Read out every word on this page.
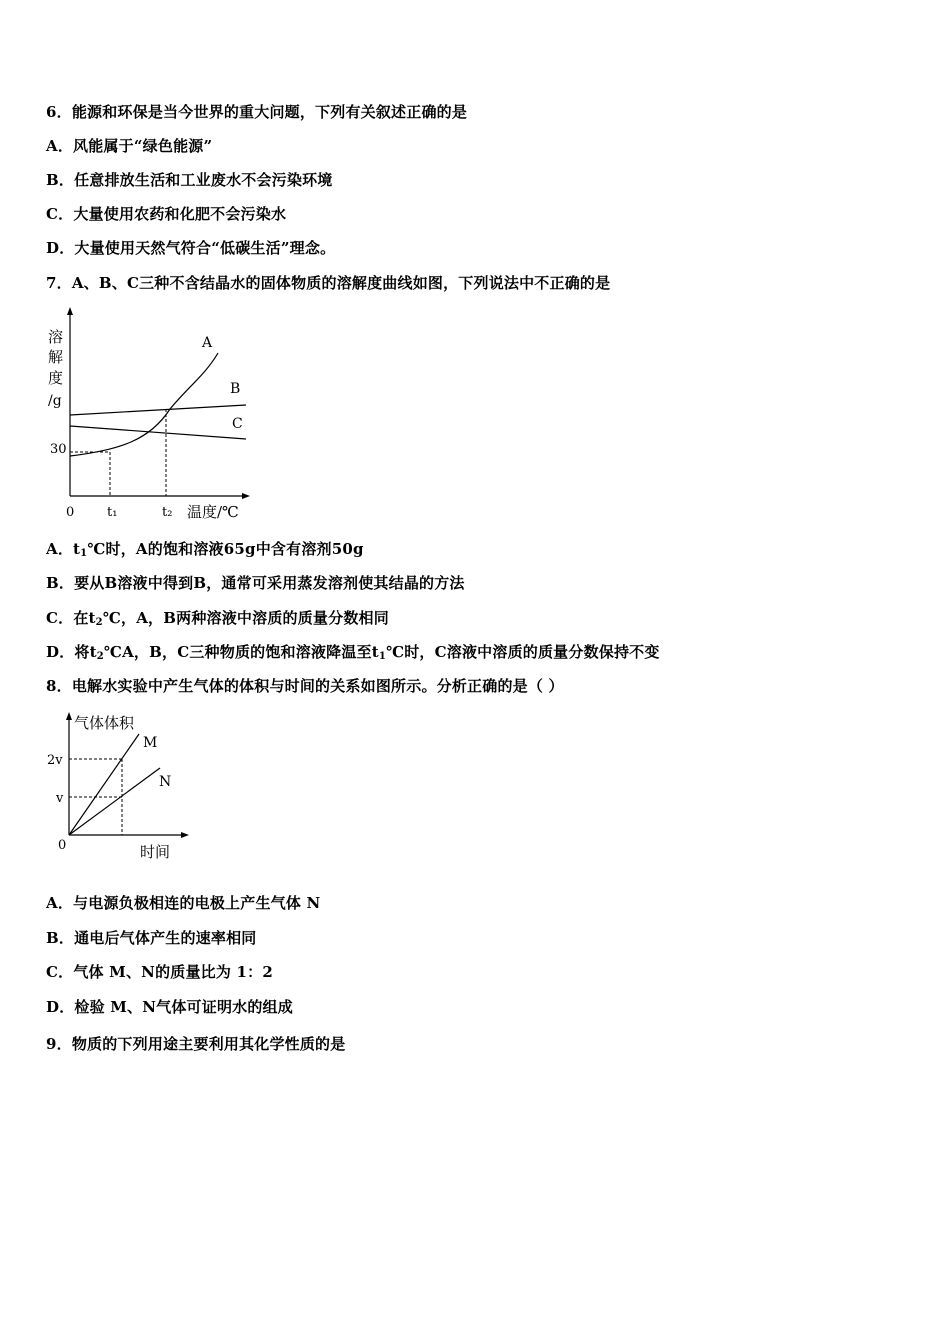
6．能源和环保是当今世界的重大问题，下列有关叙述正确的是
A．风能属于“绿色能源”
B．任意排放生活和工业废水不会污染环境
C．大量使用农药和化肥不会污染水
D．大量使用天然气符合“低碳生活”理念。
7．A、B、C三种不含结晶水的固体物质的溶解度曲线如图，下列说法中不正确的是
溶
解
度
/g
30
0	t₁	t₂ 温度/℃
A
B
C
A．$t_1℃$时，A的饱和溶液65g中含有溶剂50g
B．要从B溶液中得到B，通常可采用蒸发溶剂使其结晶的方法
C．在$t_2℃$，A，B两种溶液中溶质的质量分数相同
D．将$t_2℃A$，B，C三种物质的饱和溶液降温至$t_1℃$时，C溶液中溶质的质量分数保持不变
8．电解水实验中产生气体的体积与时间的关系如图所示。分析正确的是（ ）
气体体积
时间
0
2v
v
M
N
A．与电源负极相连的电极上产生气体 N
B．通电后气体产生的速率相同
C．气体 M、N的质量比为 1：2
D．检验 M、N气体可证明水的组成
9．物质的下列用途主要利用其化学性质的是
